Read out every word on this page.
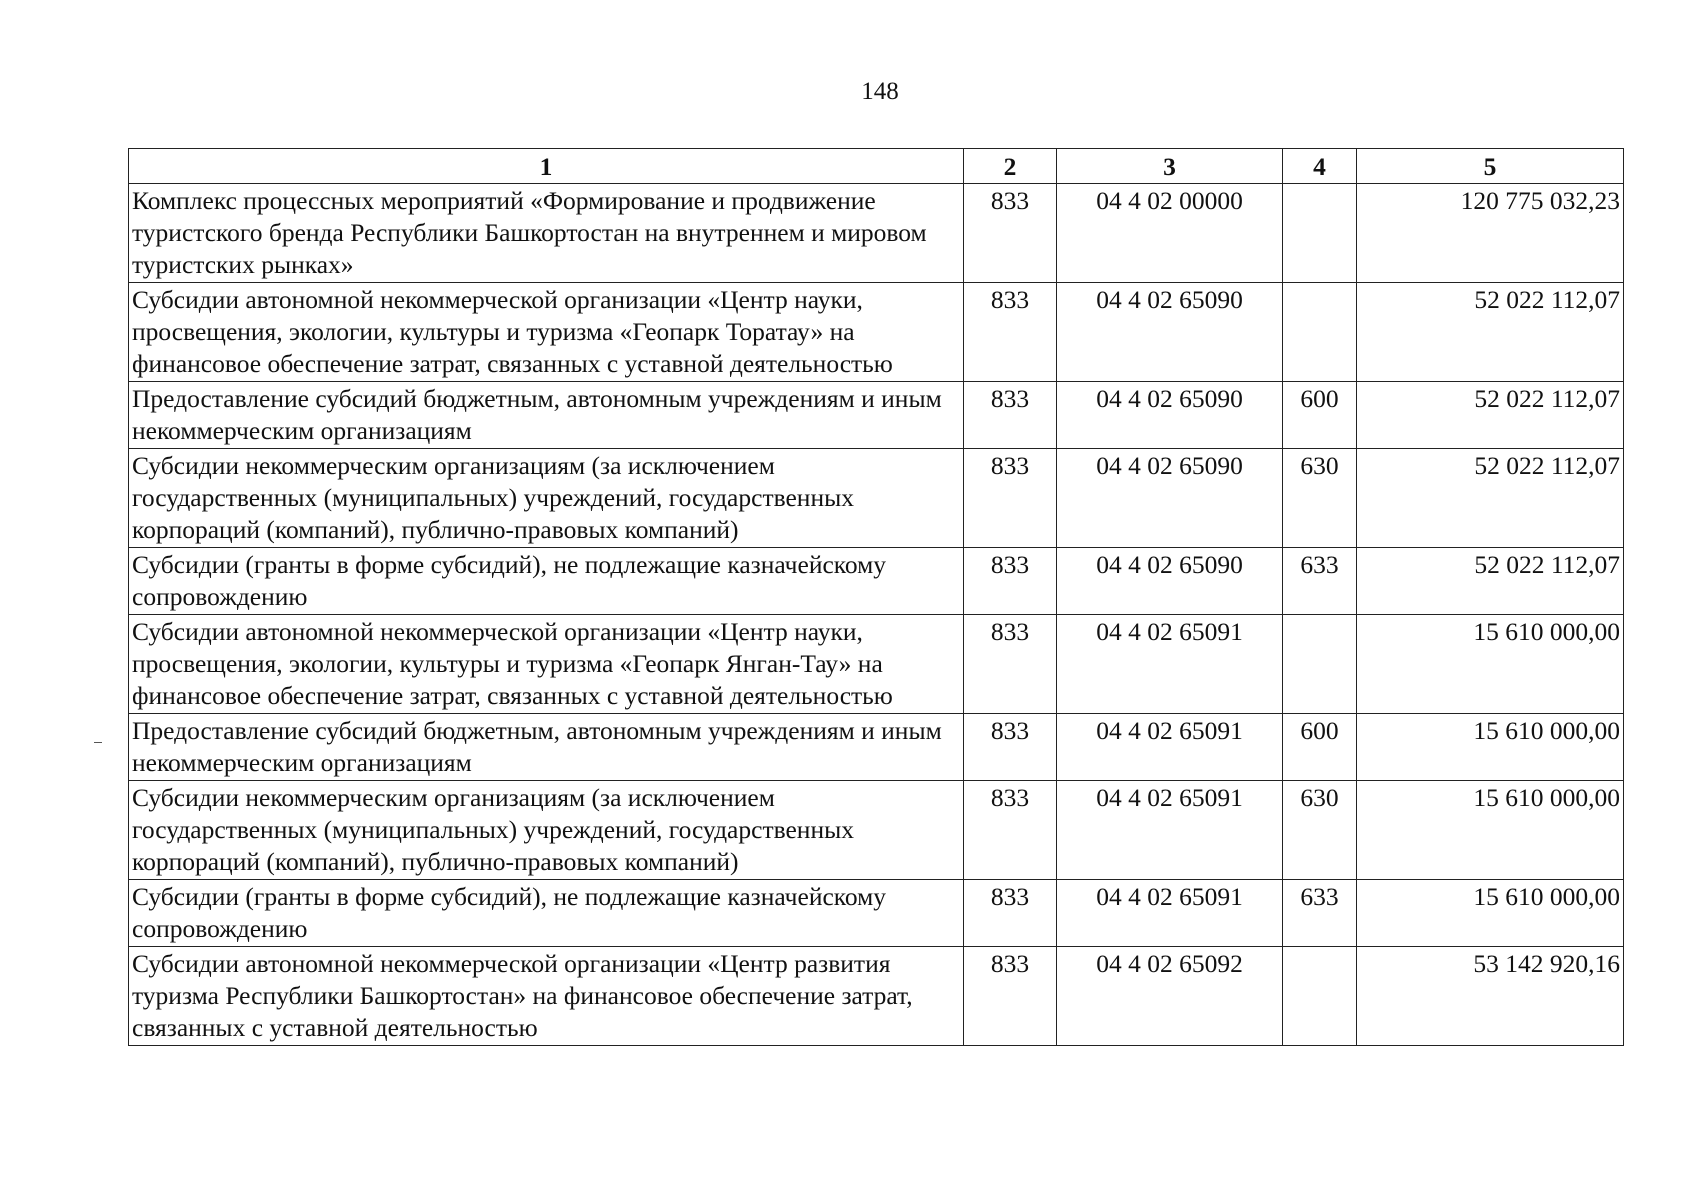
148
1	2	3	4	5
Комплекс процессных мероприятий «Формирование и продвижение туристского бренда Республики Башкортостан на внутреннем и мировом туристских рынках»	833	04 4 02 00000		120 775 032,23
Субсидии автономной некоммерческой организации «Центр науки, просвещения, экологии, культуры и туризма «Геопарк Торатау» на финансовое обеспечение затрат, связанных с уставной деятельностью	833	04 4 02 65090		52 022 112,07
Предоставление субсидий бюджетным, автономным учреждениям и иным некоммерческим организациям	833	04 4 02 65090	600	52 022 112,07
Субсидии некоммерческим организациям (за исключением государственных (муниципальных) учреждений, государственных корпораций (компаний), публично-правовых компаний)	833	04 4 02 65090	630	52 022 112,07
Субсидии (гранты в форме субсидий), не подлежащие казначейскому сопровождению	833	04 4 02 65090	633	52 022 112,07
Субсидии автономной некоммерческой организации «Центр науки, просвещения, экологии, культуры и туризма «Геопарк Янган-Тау» на финансовое обеспечение затрат, связанных с уставной деятельностью	833	04 4 02 65091		15 610 000,00
Предоставление субсидий бюджетным, автономным учреждениям и иным некоммерческим организациям	833	04 4 02 65091	600	15 610 000,00
Субсидии некоммерческим организациям (за исключением государственных (муниципальных) учреждений, государственных корпораций (компаний), публично-правовых компаний)	833	04 4 02 65091	630	15 610 000,00
Субсидии (гранты в форме субсидий), не подлежащие казначейскому сопровождению	833	04 4 02 65091	633	15 610 000,00
Субсидии автономной некоммерческой организации «Центр развития туризма Республики Башкортостан» на финансовое обеспечение затрат, связанных с уставной деятельностью	833	04 4 02 65092		53 142 920,16
